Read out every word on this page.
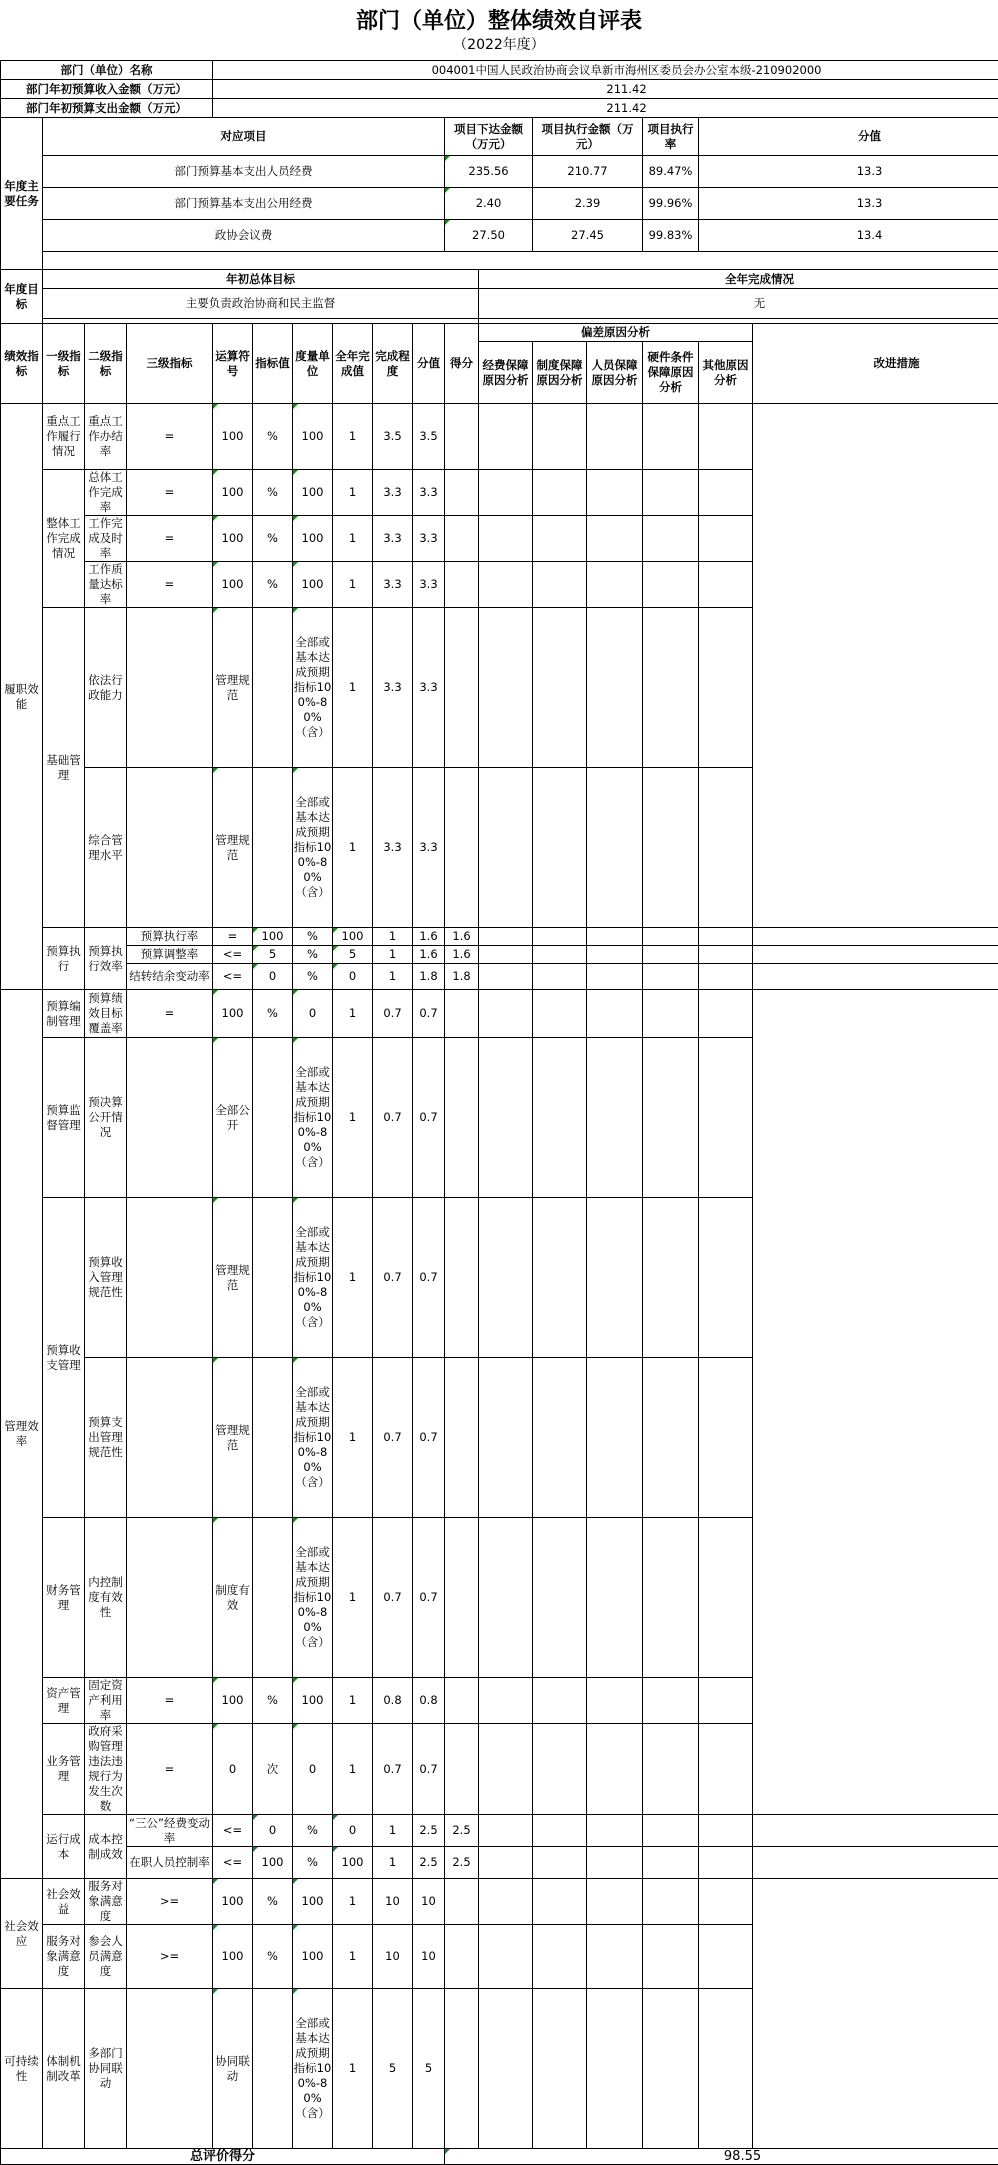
部门（单位）整体绩效自评表
（2022年度）
部门（单位）名称				004001中国人民政治协商会议阜新市海州区委员会办公室本级-210902000													
部门年初预算收入金额（万元）				211.42													
部门年初预算支出金额（万元）				211.42													
年度主要任务	对应项目									项目下达金额（万元）		项目执行金额（万元）		项目执行率	分值	
	部门预算基本支出人员经费									235.56		210.77		89.47%	13.3	
	部门预算基本支出公用经费									2.40		2.39		99.96%	13.3	
	政协会议费									27.50		27.45		99.83%	13.4	

年度目标	年初总体目标										全年完成情况						
	主要负责政治协商和民主监督										无						

绩效指标	一级指标	二级指标	三级指标	运算符号	指标值	度量单位	全年完成值	完成程度	分值	得分	偏差原因分析					改进措施	
											经费保障原因分析	制度保障原因分析	人员保障原因分析	硬件条件保障原因分析	其他原因分析		
履职效能	重点工作履行情况	重点工作办结率	=	100	%	100	1	3.5	3.5								
	整体工作完成情况	总体工作完成率	=	100	%	100	1	3.3	3.3								
		工作完成及时率	=	100	%	100	1	3.3	3.3								
		工作质量达标率	=	100	%	100	1	3.3	3.3								
	基础管理	依法行政能力		管理规范		全部或基本达成预期指标100%-80%（含）	1	3.3	3.3								
		综合管理水平		管理规范		全部或基本达成预期指标100%-80%（含）	1	3.3	3.3								
	预算执行	预算执行效率	预算执行率	=	100	%	100	1	1.6	1.6							
			预算调整率	<=	5	%	5	1	1.6	1.6							
			结转结余变动率	<=	0	%	0	1	1.8	1.8							
管理效率	预算编制管理	预算绩效目标覆盖率	=	100	%	0	1	0.7	0.7								
	预算监督管理	预决算公开情况		全部公开		全部或基本达成预期指标100%-80%（含）	1	0.7	0.7								
	预算收支管理	预算收入管理规范性		管理规范		全部或基本达成预期指标100%-80%（含）	1	0.7	0.7								
		预算支出管理规范性		管理规范		全部或基本达成预期指标100%-80%（含）	1	0.7	0.7								
	财务管理	内控制度有效性		制度有效		全部或基本达成预期指标100%-80%（含）	1	0.7	0.7								
	资产管理	固定资产利用率	=	100	%	100	1	0.8	0.8								
	业务管理	政府采购管理违法违规行为发生次数	=	0	次	0	1	0.7	0.7								
	运行成本	成本控制成效	“三公”经费变动率	<=	0	%	0	1	2.5	2.5							
			在职人员控制率	<=	100	%	100	1	2.5	2.5							
社会效应	社会效益	服务对象满意度	>=	100	%	100	1	10	10								
	服务对象满意度	参会人员满意度	>=	100	%	100	1	10	10								
可持续性	体制机制改革	多部门协同联动		协同联动		全部或基本达成预期指标100%-80%（含）	1	5	5								
总评价得分										98.55							
